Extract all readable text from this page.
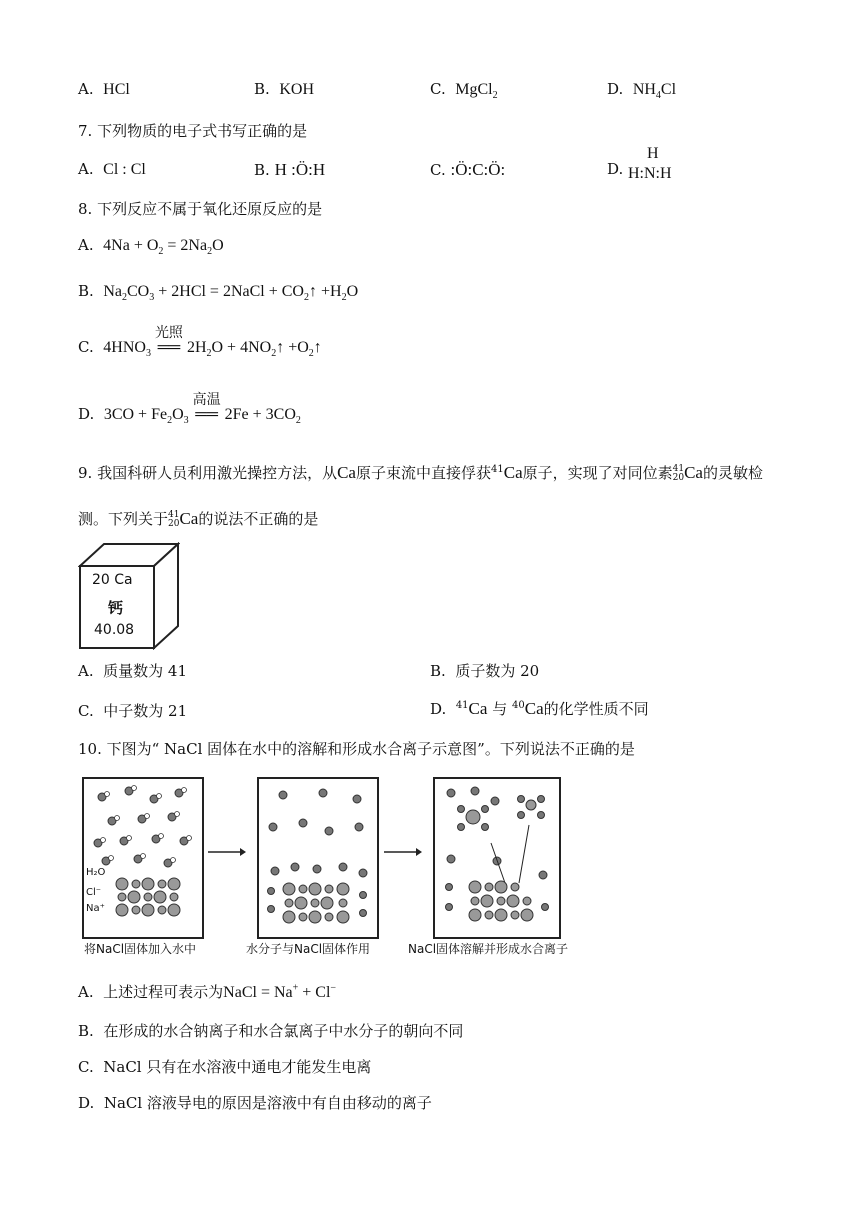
A. HCl	B. KOH	C. MgCl$_2$	D. $NH_4Cl$
7. 下列物质的电子式书写正确的是
A. Cl : Cl	B. H :Ö:H	C. :Ö:C:Ö:	D.
H
H:N:H
8. 下列反应不属于氧化还原反应的是
A. $4Na + O_2 = 2Na_2O$
B. $Na_2CO_3 + 2HCl$ = 2NaCl + $CO_2↑ +H_2O$
C. $4HNO_3$
光照
══ $2H_2O$ + $4NO_2↑$ $+O_2↑$
D. $3CO + Fe_2O_3$
高温
══ $2Fe + 3CO_2$
9. 我国科研人员利用激光操控方法，从Ca原子束流中直接俘获$^{41}$Ca原子，实现了对同位素41
20Ca的灵敏检
测。下列关于41
20Ca的说法不正确的是
20 Ca
钙
40.08
A. 质量数为 41	B. 质子数为 20
C. 中子数为 21	D. $^{41}$Ca 与 $^{40}$Ca的化学性质不同
10. 下图为“ NaCl 固体在水中的溶解和形成水合离子示意图”。下列说法不正确的是
H₂O
Cl⁻
Na⁺
将NaCl固体加入水中	水分子与NaCl固体作用	NaCl固体溶解并形成水合离子
A. 上述过程可表示为NaCl = Na+ + Cl−
B. 在形成的水合钠离子和水合氯离子中水分子的朝向不同
C. NaCl 只有在水溶液中通电才能发生电离
D. NaCl 溶液导电的原因是溶液中有自由移动的离子
